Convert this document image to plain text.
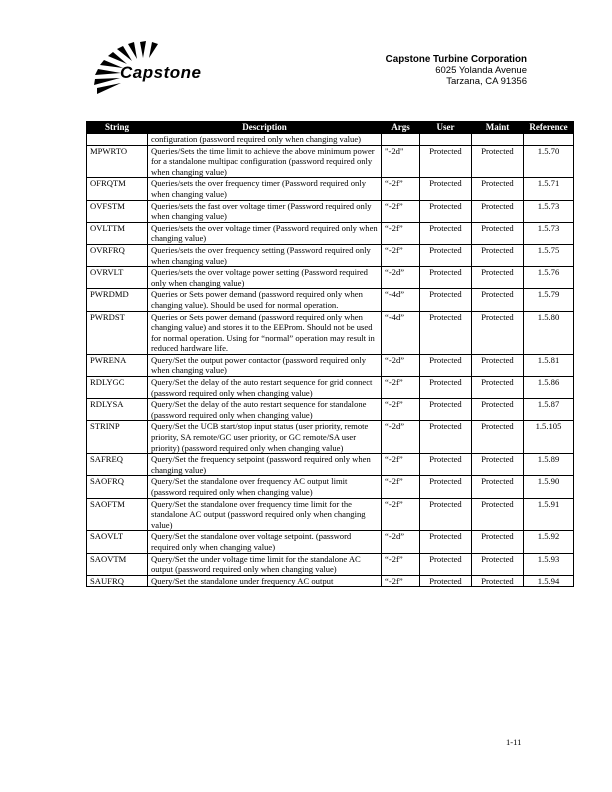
Capstone
Capstone Turbine Corporation
6025 Yolanda Avenue
Tarzana, CA 91356
String	Description	Args	User	Maint	Reference
	configuration (password required only when changing value)				
MPWRTO	Queries/Sets the time limit to achieve the above minimum power for a standalone multipac configuration (password required only when changing value)	"-2d"	Protected	Protected	1.5.70
OFRQTM	Queries/sets the over frequency timer (Password required only when changing value)	“-2f”	Protected	Protected	1.5.71
OVFSTM	Queries/sets the fast over voltage timer (Password required only when changing value)	“-2f”	Protected	Protected	1.5.73
OVLTTM	Queries/sets the over voltage timer (Password required only when changing value)	“-2f”	Protected	Protected	1.5.73
OVRFRQ	Queries/sets the over frequency setting (Password required only when changing value)	“-2f”	Protected	Protected	1.5.75
OVRVLT	Queries/sets the over voltage power setting (Password required only when changing value)	“-2d”	Protected	Protected	1.5.76
PWRDMD	Queries or Sets power demand (password required only when changing value). Should be used for normal operation.	“-4d”	Protected	Protected	1.5.79
PWRDST	Queries or Sets power demand (password required only when changing value) and stores it to the EEProm. Should not be used for normal operation. Using for “normal” operation may result in reduced hardware life.	“-4d”	Protected	Protected	1.5.80
PWRENA	Query/Set the output power contactor (password required only when changing value)	“-2d”	Protected	Protected	1.5.81
RDLYGC	Query/Set the delay of the auto restart sequence for grid connect (password required only when changing value)	“-2f”	Protected	Protected	1.5.86
RDLYSA	Query/Set the delay of the auto restart sequence for standalone (password required only when changing value)	“-2f”	Protected	Protected	1.5.87
STRINP	Query/Set the UCB start/stop input status (user priority, remote priority, SA remote/GC user priority, or GC remote/SA user priority) (password required only when changing value)	“-2d”	Protected	Protected	1.5.105
SAFREQ	Query/Set the frequency setpoint (password required only when changing value)	“-2f”	Protected	Protected	1.5.89
SAOFRQ	Query/Set the standalone over frequency AC output limit (password required only when changing value)	“-2f”	Protected	Protected	1.5.90
SAOFTM	Query/Set the standalone over frequency time limit for the standalone AC output (password required only when changing value)	“-2f”	Protected	Protected	1.5.91
SAOVLT	Query/Set the standalone over voltage setpoint. (password required only when changing value)	“-2d”	Protected	Protected	1.5.92
SAOVTM	Query/Set the under voltage time limit for the standalone AC output (password required only when changing value)	“-2f”	Protected	Protected	1.5.93
SAUFRQ	Query/Set the standalone under frequency AC output	“-2f”	Protected	Protected	1.5.94
1-11
